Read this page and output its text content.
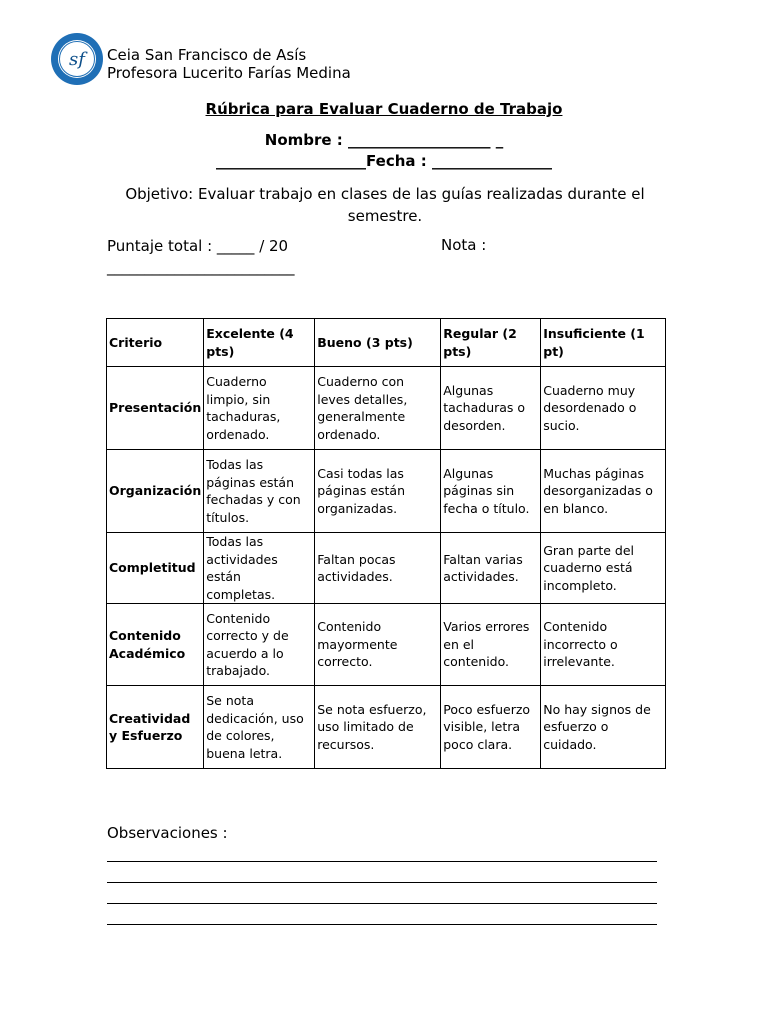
sf Ceia San Francisco de Asís
Profesora Lucerito Farías Medina
Rúbrica para Evaluar Cuaderno de Trabajo
Nombre : ___________________ _
____________________Fecha : ________________
Objetivo: Evaluar trabajo en clases de las guías realizadas durante el semestre.
Puntaje total : _____ / 20
_________________________
Nota :
Criterio	Excelente (4 pts)	Bueno (3 pts)	Regular (2 pts)	Insuficiente (1 pt)
Presentación	Cuaderno limpio, sin tachaduras, ordenado.	Cuaderno con leves detalles, generalmente ordenado.	Algunas tachaduras o desorden.	Cuaderno muy desordenado o sucio.
Organización	Todas las páginas están fechadas y con títulos.	Casi todas las páginas están organizadas.	Algunas páginas sin fecha o título.	Muchas páginas desorganizadas o en blanco.
Completitud	Todas las actividades están completas.	Faltan pocas actividades.	Faltan varias actividades.	Gran parte del cuaderno está incompleto.
Contenido Académico	Contenido correcto y de acuerdo a lo trabajado.	Contenido mayormente correcto.	Varios errores en el contenido.	Contenido incorrecto o irrelevante.
Creatividad y Esfuerzo	Se nota dedicación, uso de colores, buena letra.	Se nota esfuerzo, uso limitado de recursos.	Poco esfuerzo visible, letra poco clara.	No hay signos de esfuerzo o cuidado.
Observaciones :
